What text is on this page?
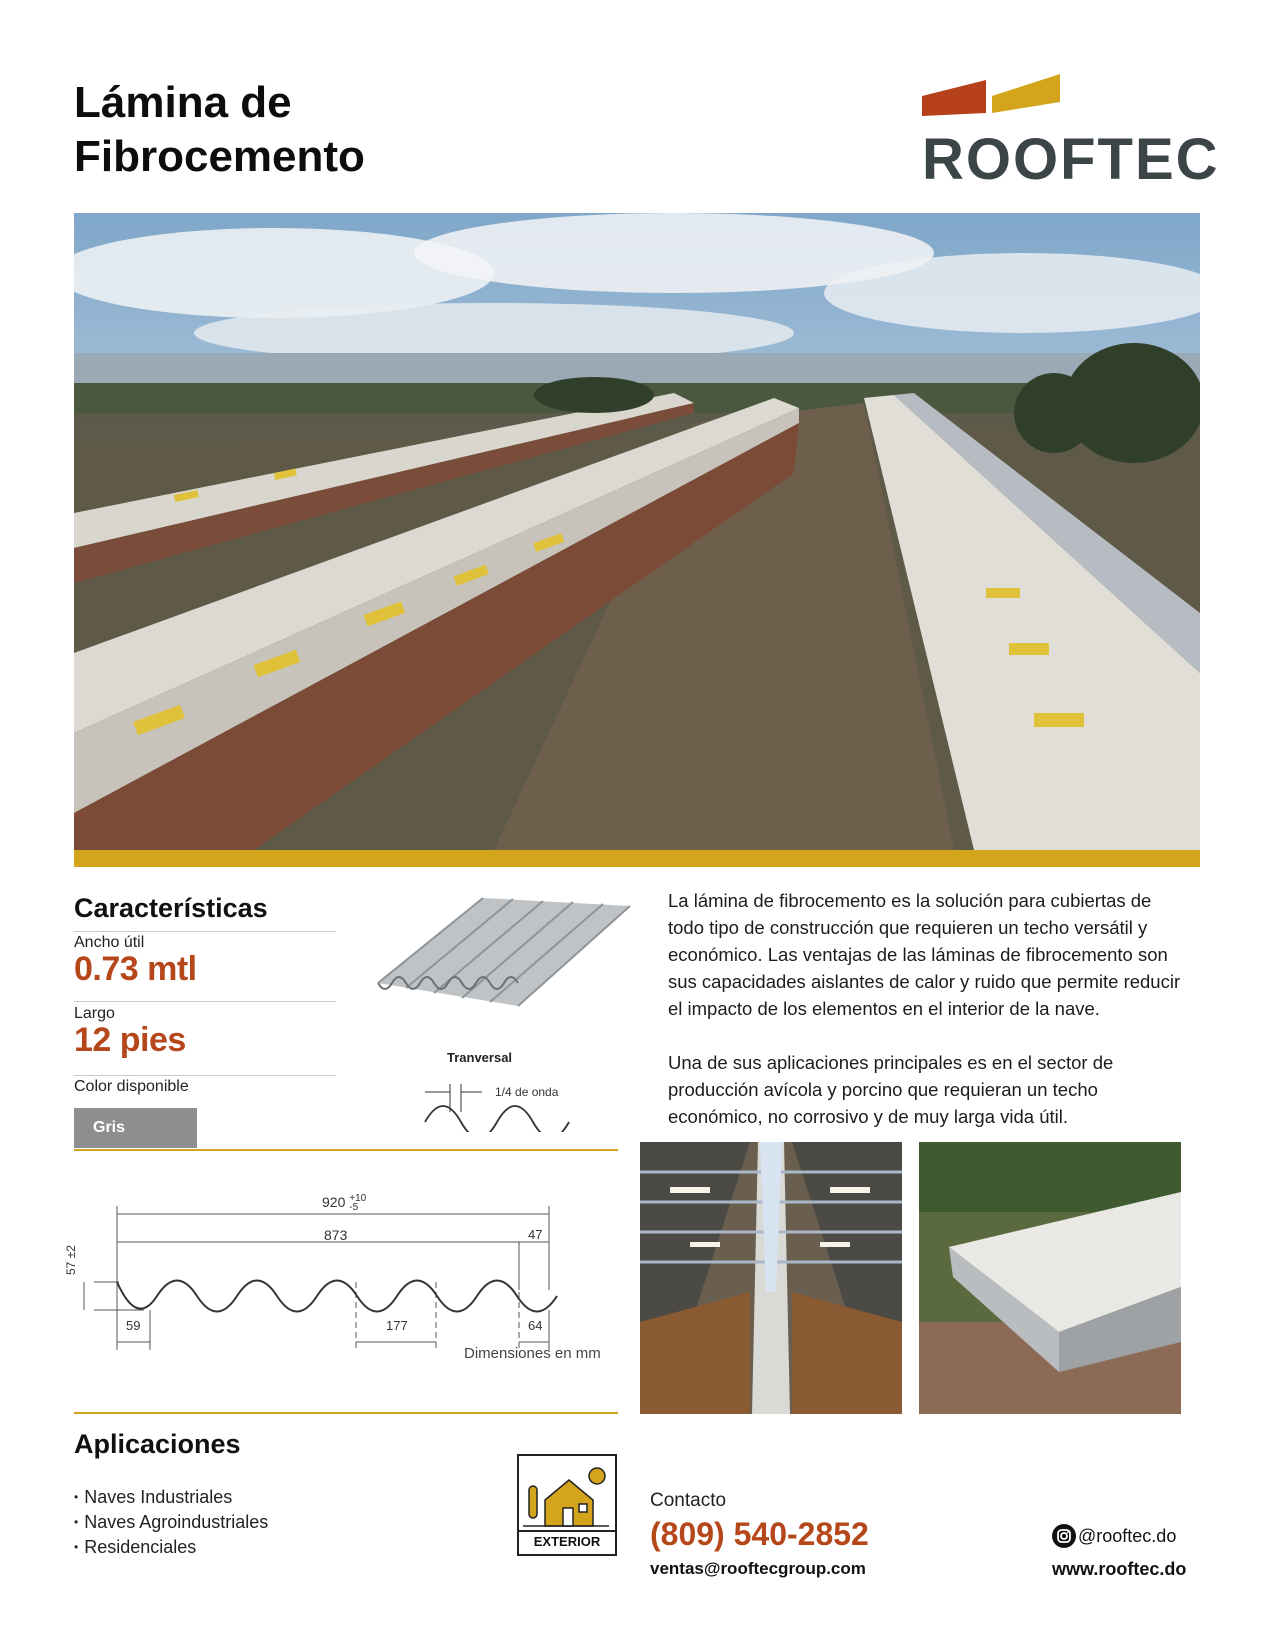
Lámina de
Fibrocemento	ROOFTEC
Características
Ancho útil
0.73 mtl
Largo
12 pies
Color disponible
Gris
Tranversal
1/4 de onda

La lámina de fibrocemento es la solución para cubiertas de todo tipo de construcción que requieren un techo versátil y económico. Las ventajas de las láminas de fibrocemento son sus capacidades aislantes de calor y ruido que permite reducir el impacto de los elementos en el interior de la nave.

Una de sus aplicaciones principales es en el sector de producción avícola y porcino que requieran un techo económico, no corrosivo y de muy larga vida útil.

920 +10
-5
873	47
57 ±2
59	177	64
Dimensiones en mm
Aplicaciones
• Naves Industriales
• Naves Agroindustriales
• Residenciales	EXTERIOR
Contacto
(809) 540-2852
ventas@rooftecgroup.com
@rooftec.do
www.rooftec.do
